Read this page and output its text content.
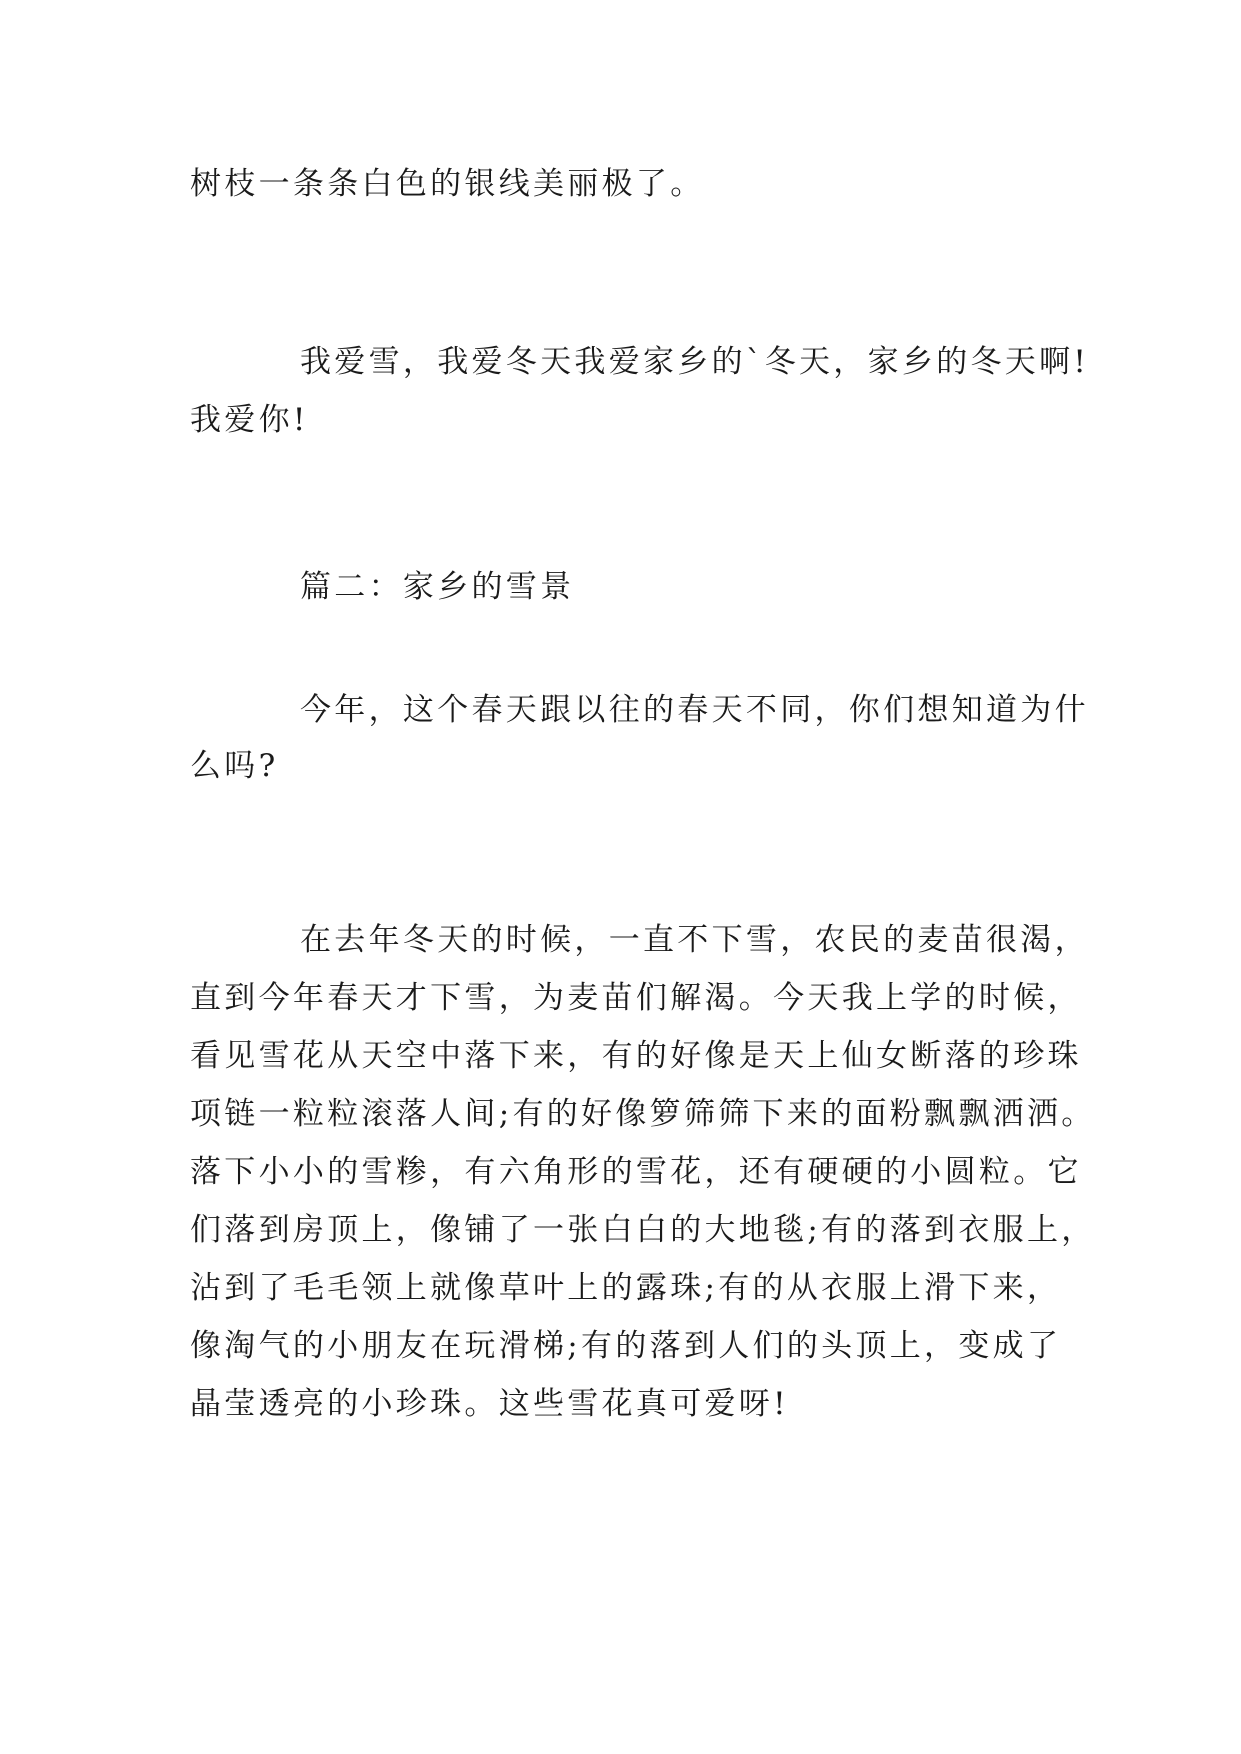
树枝一条条白色的银线美丽极了。
我爱雪，我爱冬天我爱家乡的`冬天，家乡的冬天啊!
我爱你!
篇二：家乡的雪景
今年，这个春天跟以往的春天不同，你们想知道为什
么吗?
在去年冬天的时候，一直不下雪，农民的麦苗很渴，
直到今年春天才下雪，为麦苗们解渴。今天我上学的时候，
看见雪花从天空中落下来，有的好像是天上仙女断落的珍珠
项链一粒粒滚落人间;有的好像箩筛筛下来的面粉飘飘洒洒。
落下小小的雪糁，有六角形的雪花，还有硬硬的小圆粒。它
们落到房顶上，像铺了一张白白的大地毯;有的落到衣服上，
沾到了毛毛领上就像草叶上的露珠;有的从衣服上滑下来，
像淘气的小朋友在玩滑梯;有的落到人们的头顶上，变成了
晶莹透亮的小珍珠。这些雪花真可爱呀!
